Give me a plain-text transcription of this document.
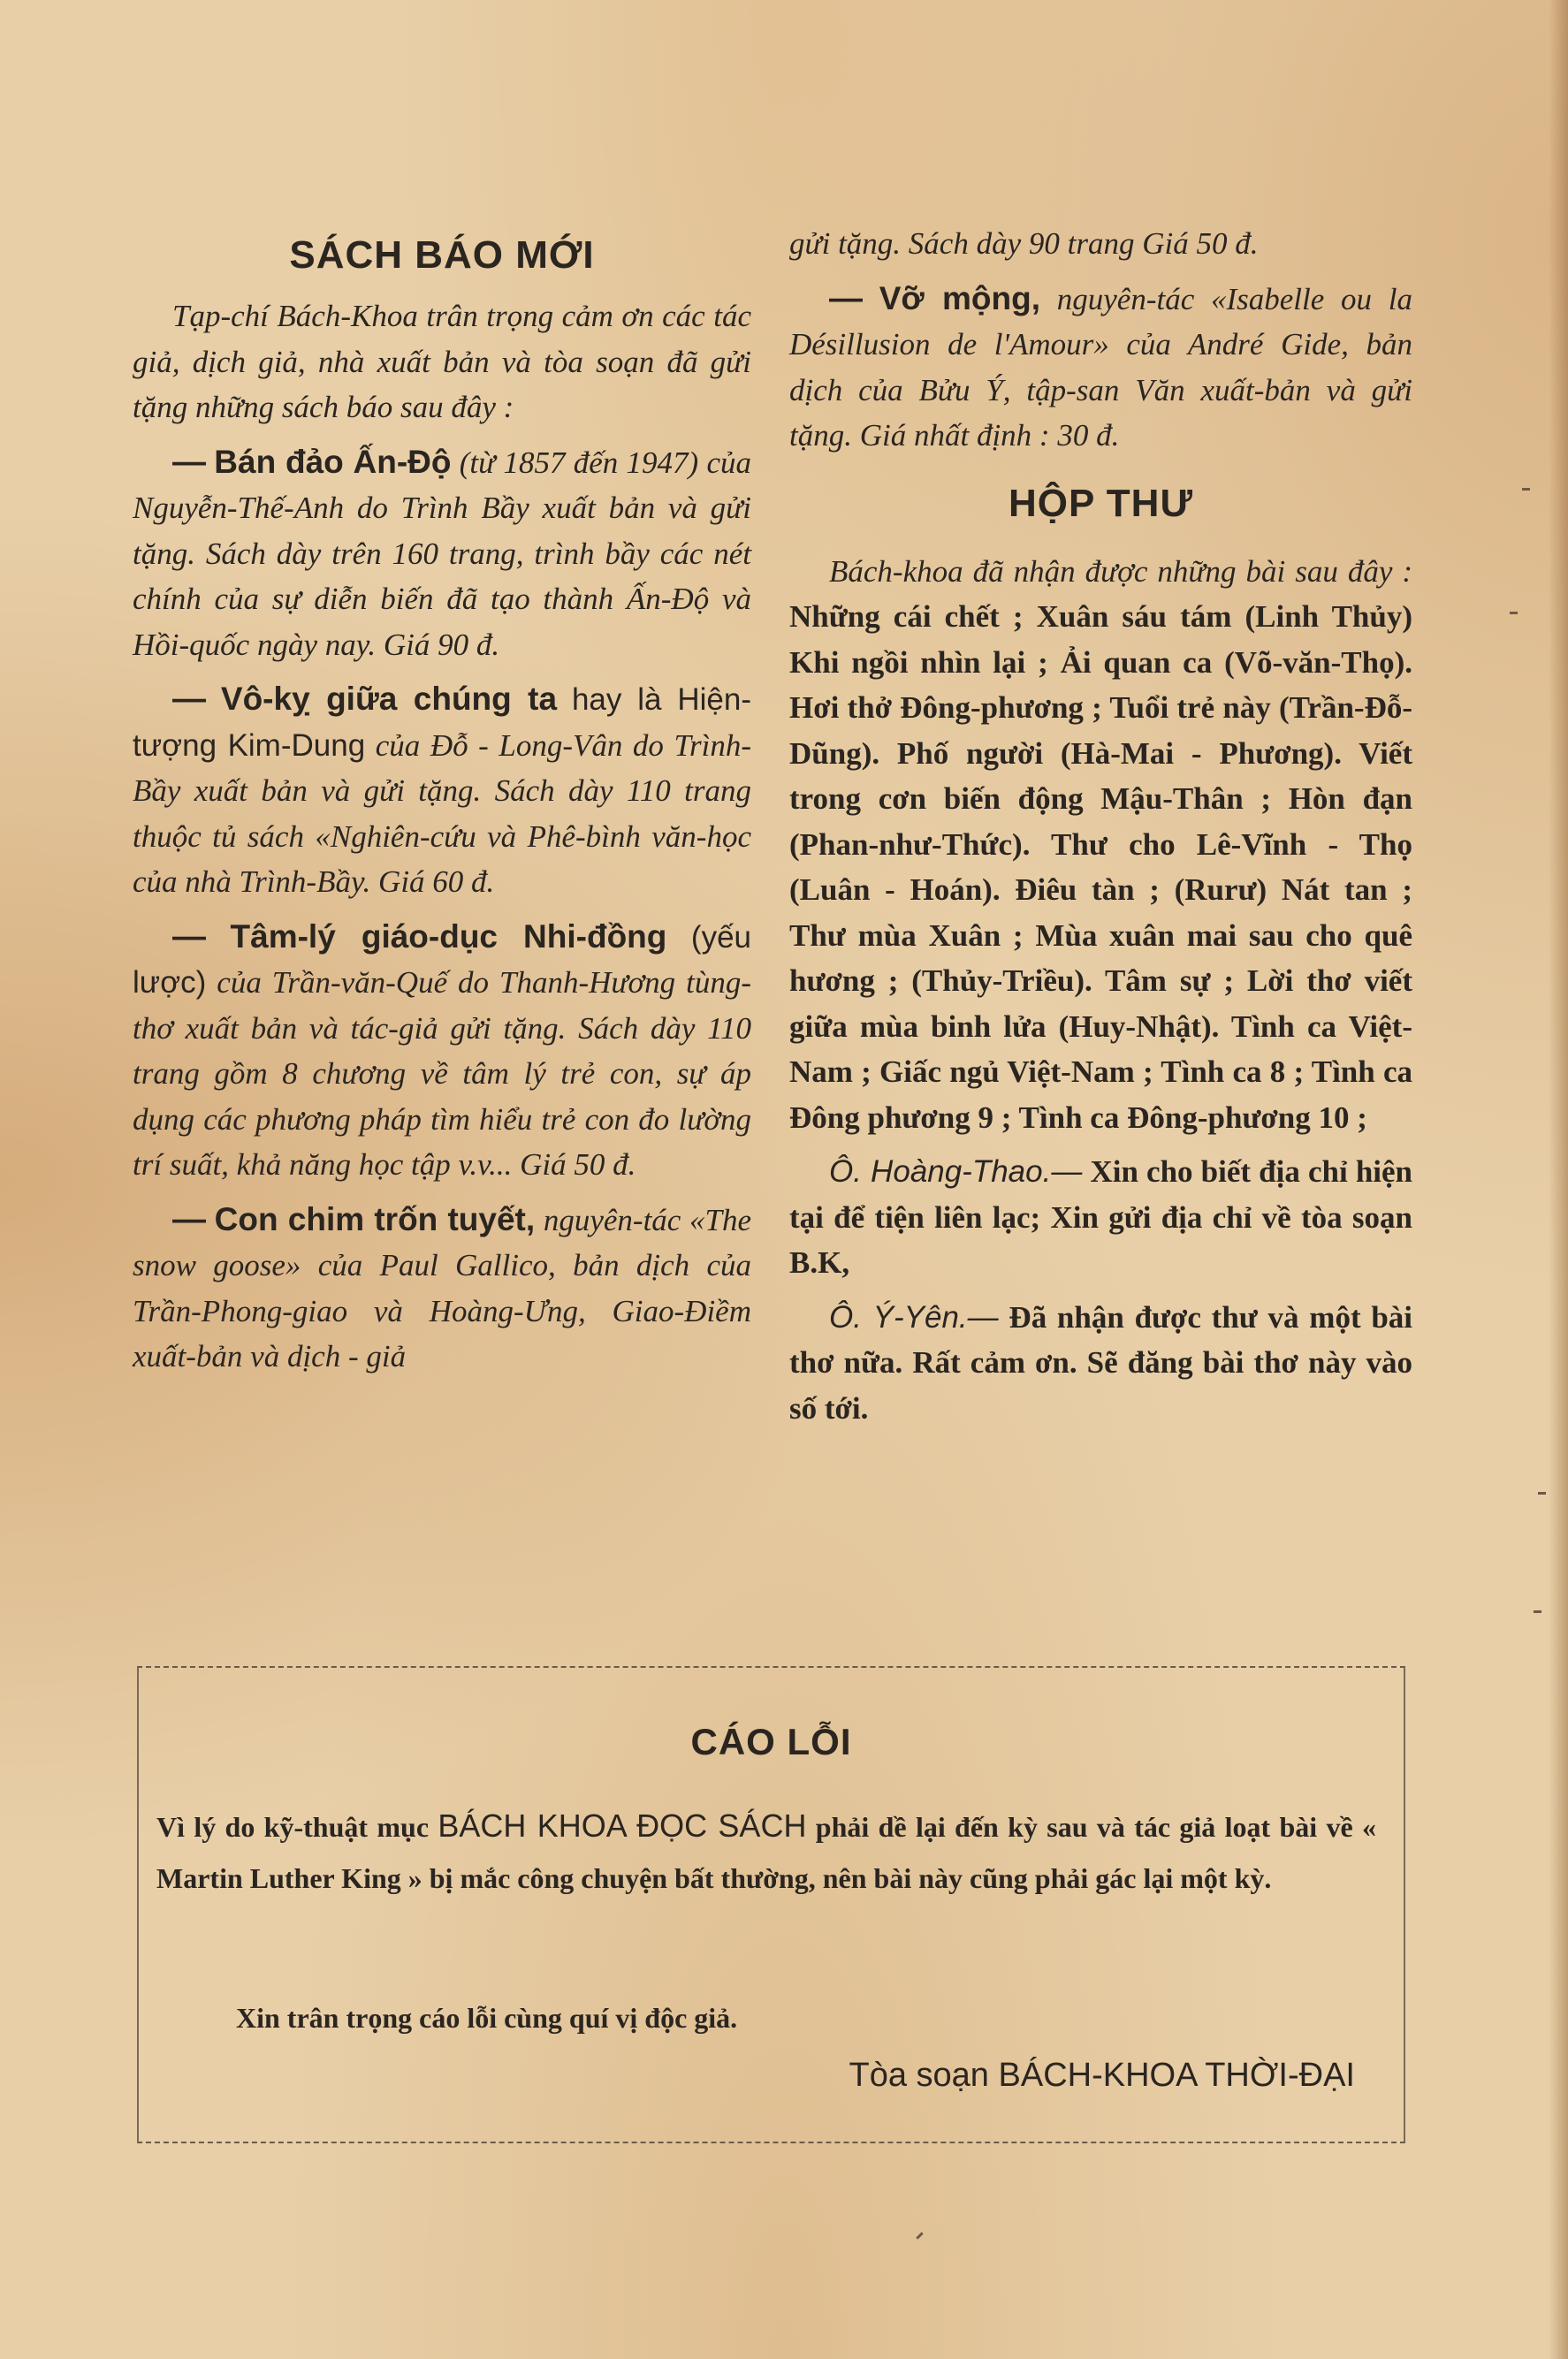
SÁCH BÁO MỚI

Tạp-chí Bách-Khoa trân trọng cảm ơn các tác giả, dịch giả, nhà xuất bản và tòa soạn đã gửi tặng những sách báo sau đây :

— Bán đảo Ấn-Độ (từ 1857 đến 1947) của Nguyễn-Thế-Anh do Trình Bầy xuất bản và gửi tặng. Sách dày trên 160 trang, trình bầy các nét chính của sự diễn biến đã tạo thành Ấn-Độ và Hồi-quốc ngày nay. Giá 90 đ.

— Vô-kỵ giữa chúng ta hay là Hiện-tượng Kim-Dung của Đỗ - Long-Vân do Trình-Bầy xuất bản và gửi tặng. Sách dày 110 trang thuộc tủ sách «Nghiên-cứu và Phê-bình văn-học của nhà Trình-Bầy. Giá 60 đ.

— Tâm-lý giáo-dục Nhi-đồng (yếu lược) của Trần-văn-Quế do Thanh-Hương tùng-thơ xuất bản và tác-giả gửi tặng. Sách dày 110 trang gồm 8 chương về tâm lý trẻ con, sự áp dụng các phương pháp tìm hiểu trẻ con đo lường trí suất, khả năng học tập v.v... Giá 50 đ.

— Con chim trốn tuyết, nguyên-tác «The snow goose» của Paul Gallico, bản dịch của Trần-Phong-giao và Hoàng-Ưng, Giao-Điềm xuất-bản và dịch - giả

gửi tặng. Sách dày 90 trang Giá 50 đ.

— Vỡ mộng, nguyên-tác «Isabelle ou la Désillusion de l'Amour» của André Gide, bản dịch của Bửu Ý, tập-san Văn xuất-bản và gửi tặng. Giá nhất định : 30 đ.

HỘP THƯ

Bách-khoa đã nhận được những bài sau đây : Những cái chết ; Xuân sáu tám (Linh Thủy) Khi ngồi nhìn lại ; Ải quan ca (Võ-văn-Thọ). Hơi thở Đông-phương ; Tuổi trẻ này (Trần-Đỗ-Dũng). Phố người (Hà-Mai - Phương). Viết trong cơn biến động Mậu-Thân ; Hòn đạn (Phan-như-Thức). Thư cho Lê-Vĩnh - Thọ (Luân - Hoán). Điêu tàn ; (Rurư) Nát tan ; Thư mùa Xuân ; Mùa xuân mai sau cho quê hương ; (Thủy-Triều). Tâm sự ; Lời thơ viết giữa mùa binh lửa (Huy-Nhật). Tình ca Việt-Nam ; Giấc ngủ Việt-Nam ; Tình ca 8 ; Tình ca Đông phương 9 ; Tình ca Đông-phương 10 ;

Ô. Hoàng-Thao.— Xin cho biết địa chỉ hiện tại để tiện liên lạc; Xin gửi địa chỉ về tòa soạn B.K,

Ô. Ý-Yên.— Đã nhận được thư và một bài thơ nữa. Rất cảm ơn. Sẽ đăng bài thơ này vào số tới.

CÁO LỖI
Vì lý do kỹ-thuật mục BÁCH KHOA ĐỌC SÁCH phải dề lại đến kỳ sau và tác giả loạt bài về « Martin Luther King » bị mắc công chuyện bất thường, nên bài này cũng phải gác lại một kỳ.
Xin trân trọng cáo lỗi cùng quí vị độc giả.
Tòa soạn BÁCH-KHOA THỜI-ĐẠI
